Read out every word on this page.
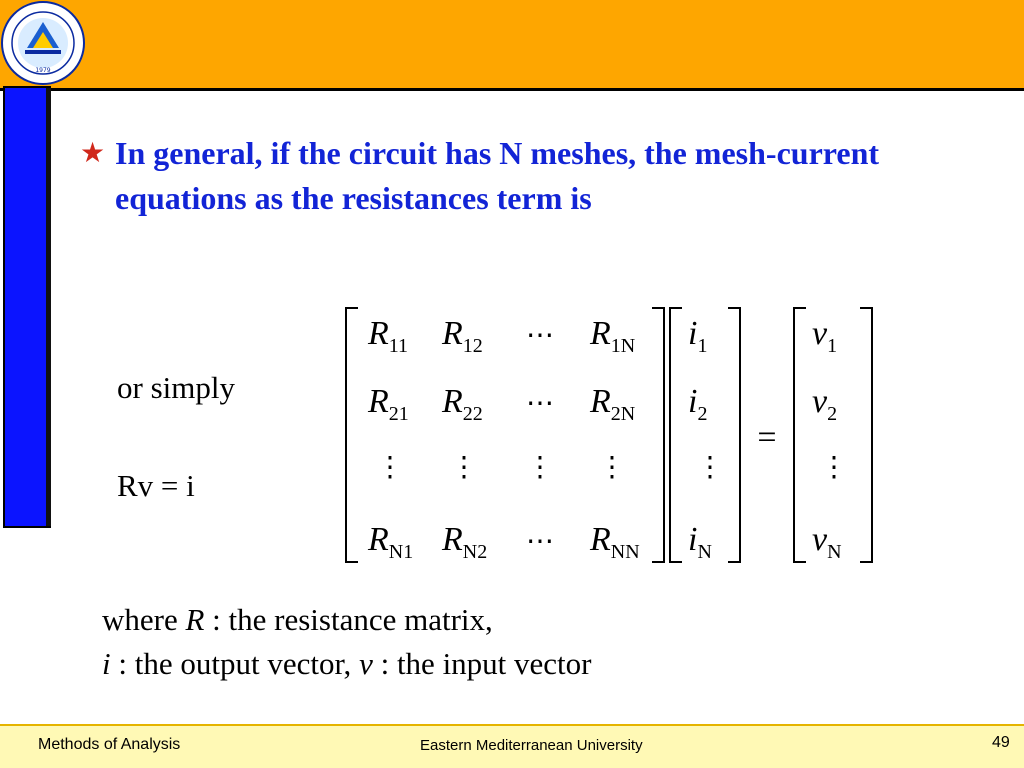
1979
★ In general, if the circuit has N meshes, the mesh-current equations as the resistances term is
or simply
Rv = i
$R_{11}$ $R_{12}$ ⋯ $R_{1N}$
$R_{21}$ $R_{22}$ ⋯ $R_{2N}$
⋮ ⋮ ⋮ ⋮
$R_{N1}$ $R_{N2}$ ⋯ $R_{NN}$
$i_1$
$i_2$
⋮
$i_N$
$v_1$
$v_2$
⋮
$v_N$
=
where R : the resistance matrix,
i : the output vector, v : the input vector
Methods of Analysis	Eastern Mediterranean University	49
